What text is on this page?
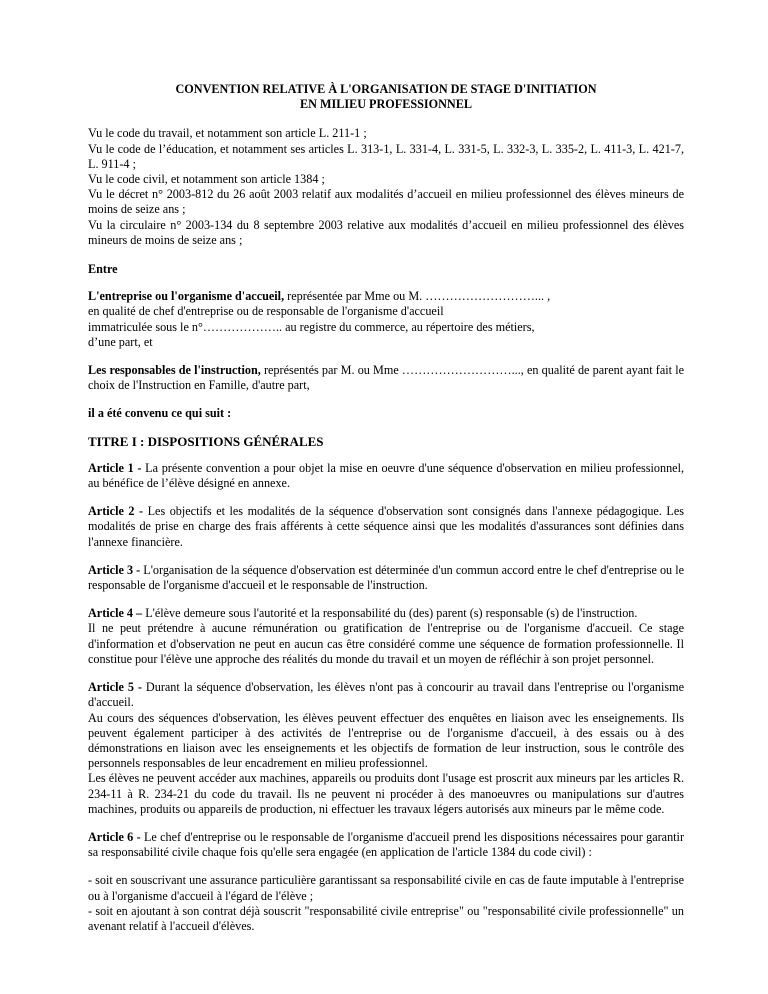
CONVENTION RELATIVE À L'ORGANISATION DE STAGE D'INITIATION
EN MILIEU PROFESSIONNEL

Vu le code du travail, et notamment son article L. 211-1 ;
Vu le code de l’éducation, et notamment ses articles L. 313-1, L. 331-4, L. 331-5, L. 332-3, L. 335-2, L. 411-3, L. 421-7, L. 911-4 ;
Vu le code civil, et notamment son article 1384 ;
Vu le décret n° 2003-812 du 26 août 2003 relatif aux modalités d’accueil en milieu professionnel des élèves mineurs de moins de seize ans ;
Vu la circulaire n° 2003-134 du 8 septembre 2003 relative aux modalités d’accueil en milieu professionnel des élèves mineurs de moins de seize ans ;

Entre

L'entreprise ou l'organisme d'accueil, représentée par Mme ou M. ………………………... ,
en qualité de chef d'entreprise ou de responsable de l'organisme d'accueil
immatriculée sous le n°……………….. au registre du commerce, au répertoire des métiers,
d’une part, et

Les responsables de l'instruction, représentés par M. ou Mme ………………………..., en qualité de parent ayant fait le choix de l'Instruction en Famille, d'autre part,

il a été convenu ce qui suit :
TITRE I : DISPOSITIONS GÉNÉRALES

Article 1 - La présente convention a pour objet la mise en oeuvre d'une séquence d'observation en milieu professionnel, au bénéfice de l’élève désigné en annexe.

Article 2 - Les objectifs et les modalités de la séquence d'observation sont consignés dans l'annexe pédagogique. Les modalités de prise en charge des frais afférents à cette séquence ainsi que les modalités d'assurances sont définies dans l'annexe financière.

Article 3 - L'organisation de la séquence d'observation est déterminée d'un commun accord entre le chef d'entreprise ou le responsable de l'organisme d'accueil et le responsable de l'instruction.

Article 4 – L'élève demeure sous l'autorité et la responsabilité du (des) parent (s) responsable (s) de l'instruction.
Il ne peut prétendre à aucune rémunération ou gratification de l'entreprise ou de l'organisme d'accueil. Ce stage d'information et d'observation ne peut en aucun cas être considéré comme une séquence de formation professionnelle. Il constitue pour l'élève une approche des réalités du monde du travail et un moyen de réfléchir à son projet personnel.

Article 5 - Durant la séquence d'observation, les élèves n'ont pas à concourir au travail dans l'entreprise ou l'organisme d'accueil.
Au cours des séquences d'observation, les élèves peuvent effectuer des enquêtes en liaison avec les enseignements. Ils peuvent également participer à des activités de l'entreprise ou de l'organisme d'accueil, à des essais ou à des démonstrations en liaison avec les enseignements et les objectifs de formation de leur instruction, sous le contrôle des personnels responsables de leur encadrement en milieu professionnel.
Les élèves ne peuvent accéder aux machines, appareils ou produits dont l'usage est proscrit aux mineurs par les articles R. 234-11 à R. 234-21 du code du travail. Ils ne peuvent ni procéder à des manoeuvres ou manipulations sur d'autres machines, produits ou appareils de production, ni effectuer les travaux légers autorisés aux mineurs par le même code.

Article 6 - Le chef d'entreprise ou le responsable de l'organisme d'accueil prend les dispositions nécessaires pour garantir sa responsabilité civile chaque fois qu'elle sera engagée (en application de l'article 1384 du code civil) :

- soit en souscrivant une assurance particulière garantissant sa responsabilité civile en cas de faute imputable à l'entreprise ou à l'organisme d'accueil à l'égard de l'élève ;
- soit en ajoutant à son contrat déjà souscrit "responsabilité civile entreprise" ou "responsabilité civile professionnelle" un avenant relatif à l'accueil d'élèves.
